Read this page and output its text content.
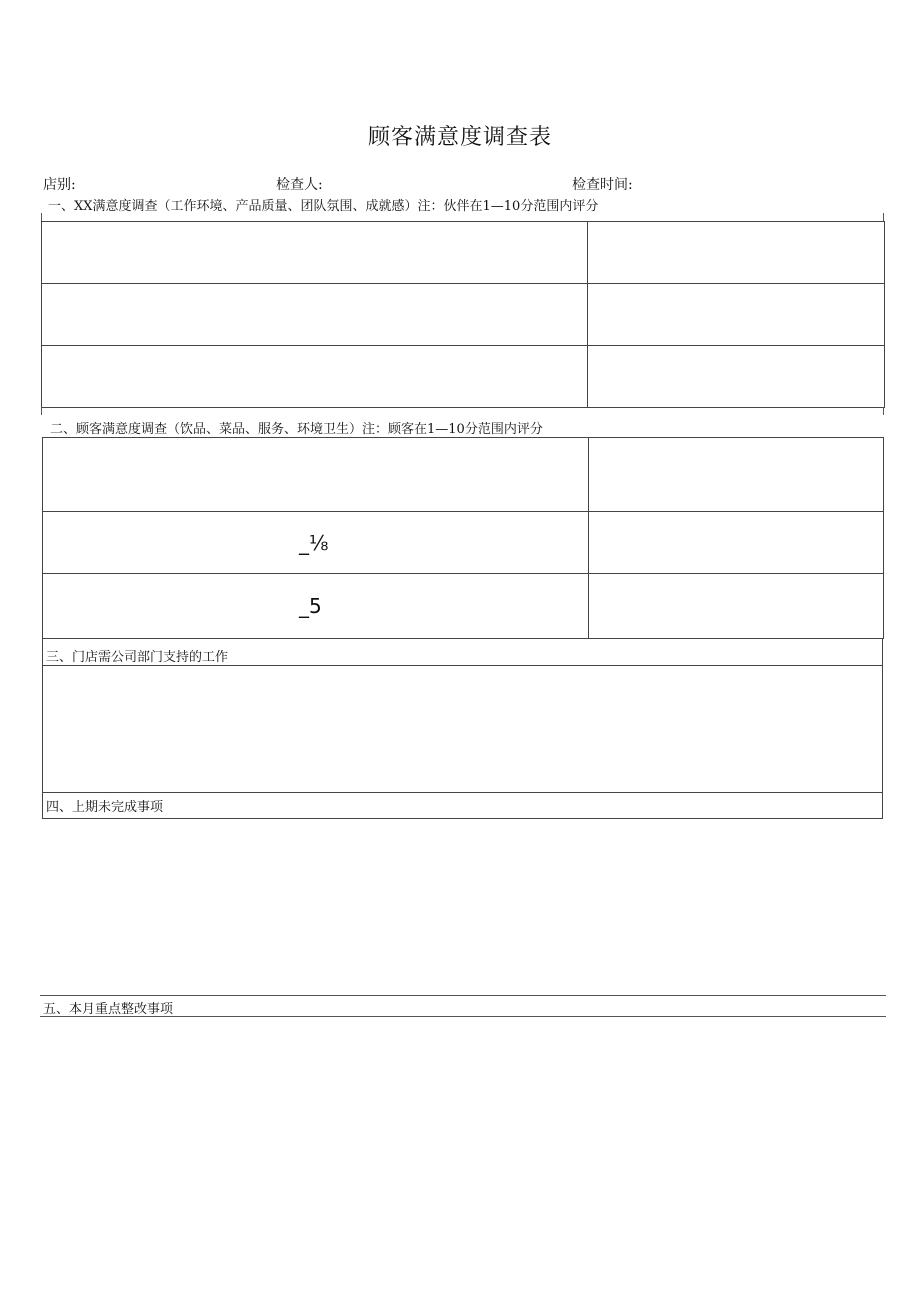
顾客满意度调查表
店别:	检查人:	检查时间:
一、XX满意度调查（工作环境、产品质量、团队氛围、成就感）注：伙伴在1—10分范围内评分

二、顾客满意度调查（饮品、菜品、服务、环境卫生）注：顾客在1—10分范围内评分

_⅛	
_5	
三、门店需公司部门支持的工作
四、上期未完成事项
五、本月重点整改事项
